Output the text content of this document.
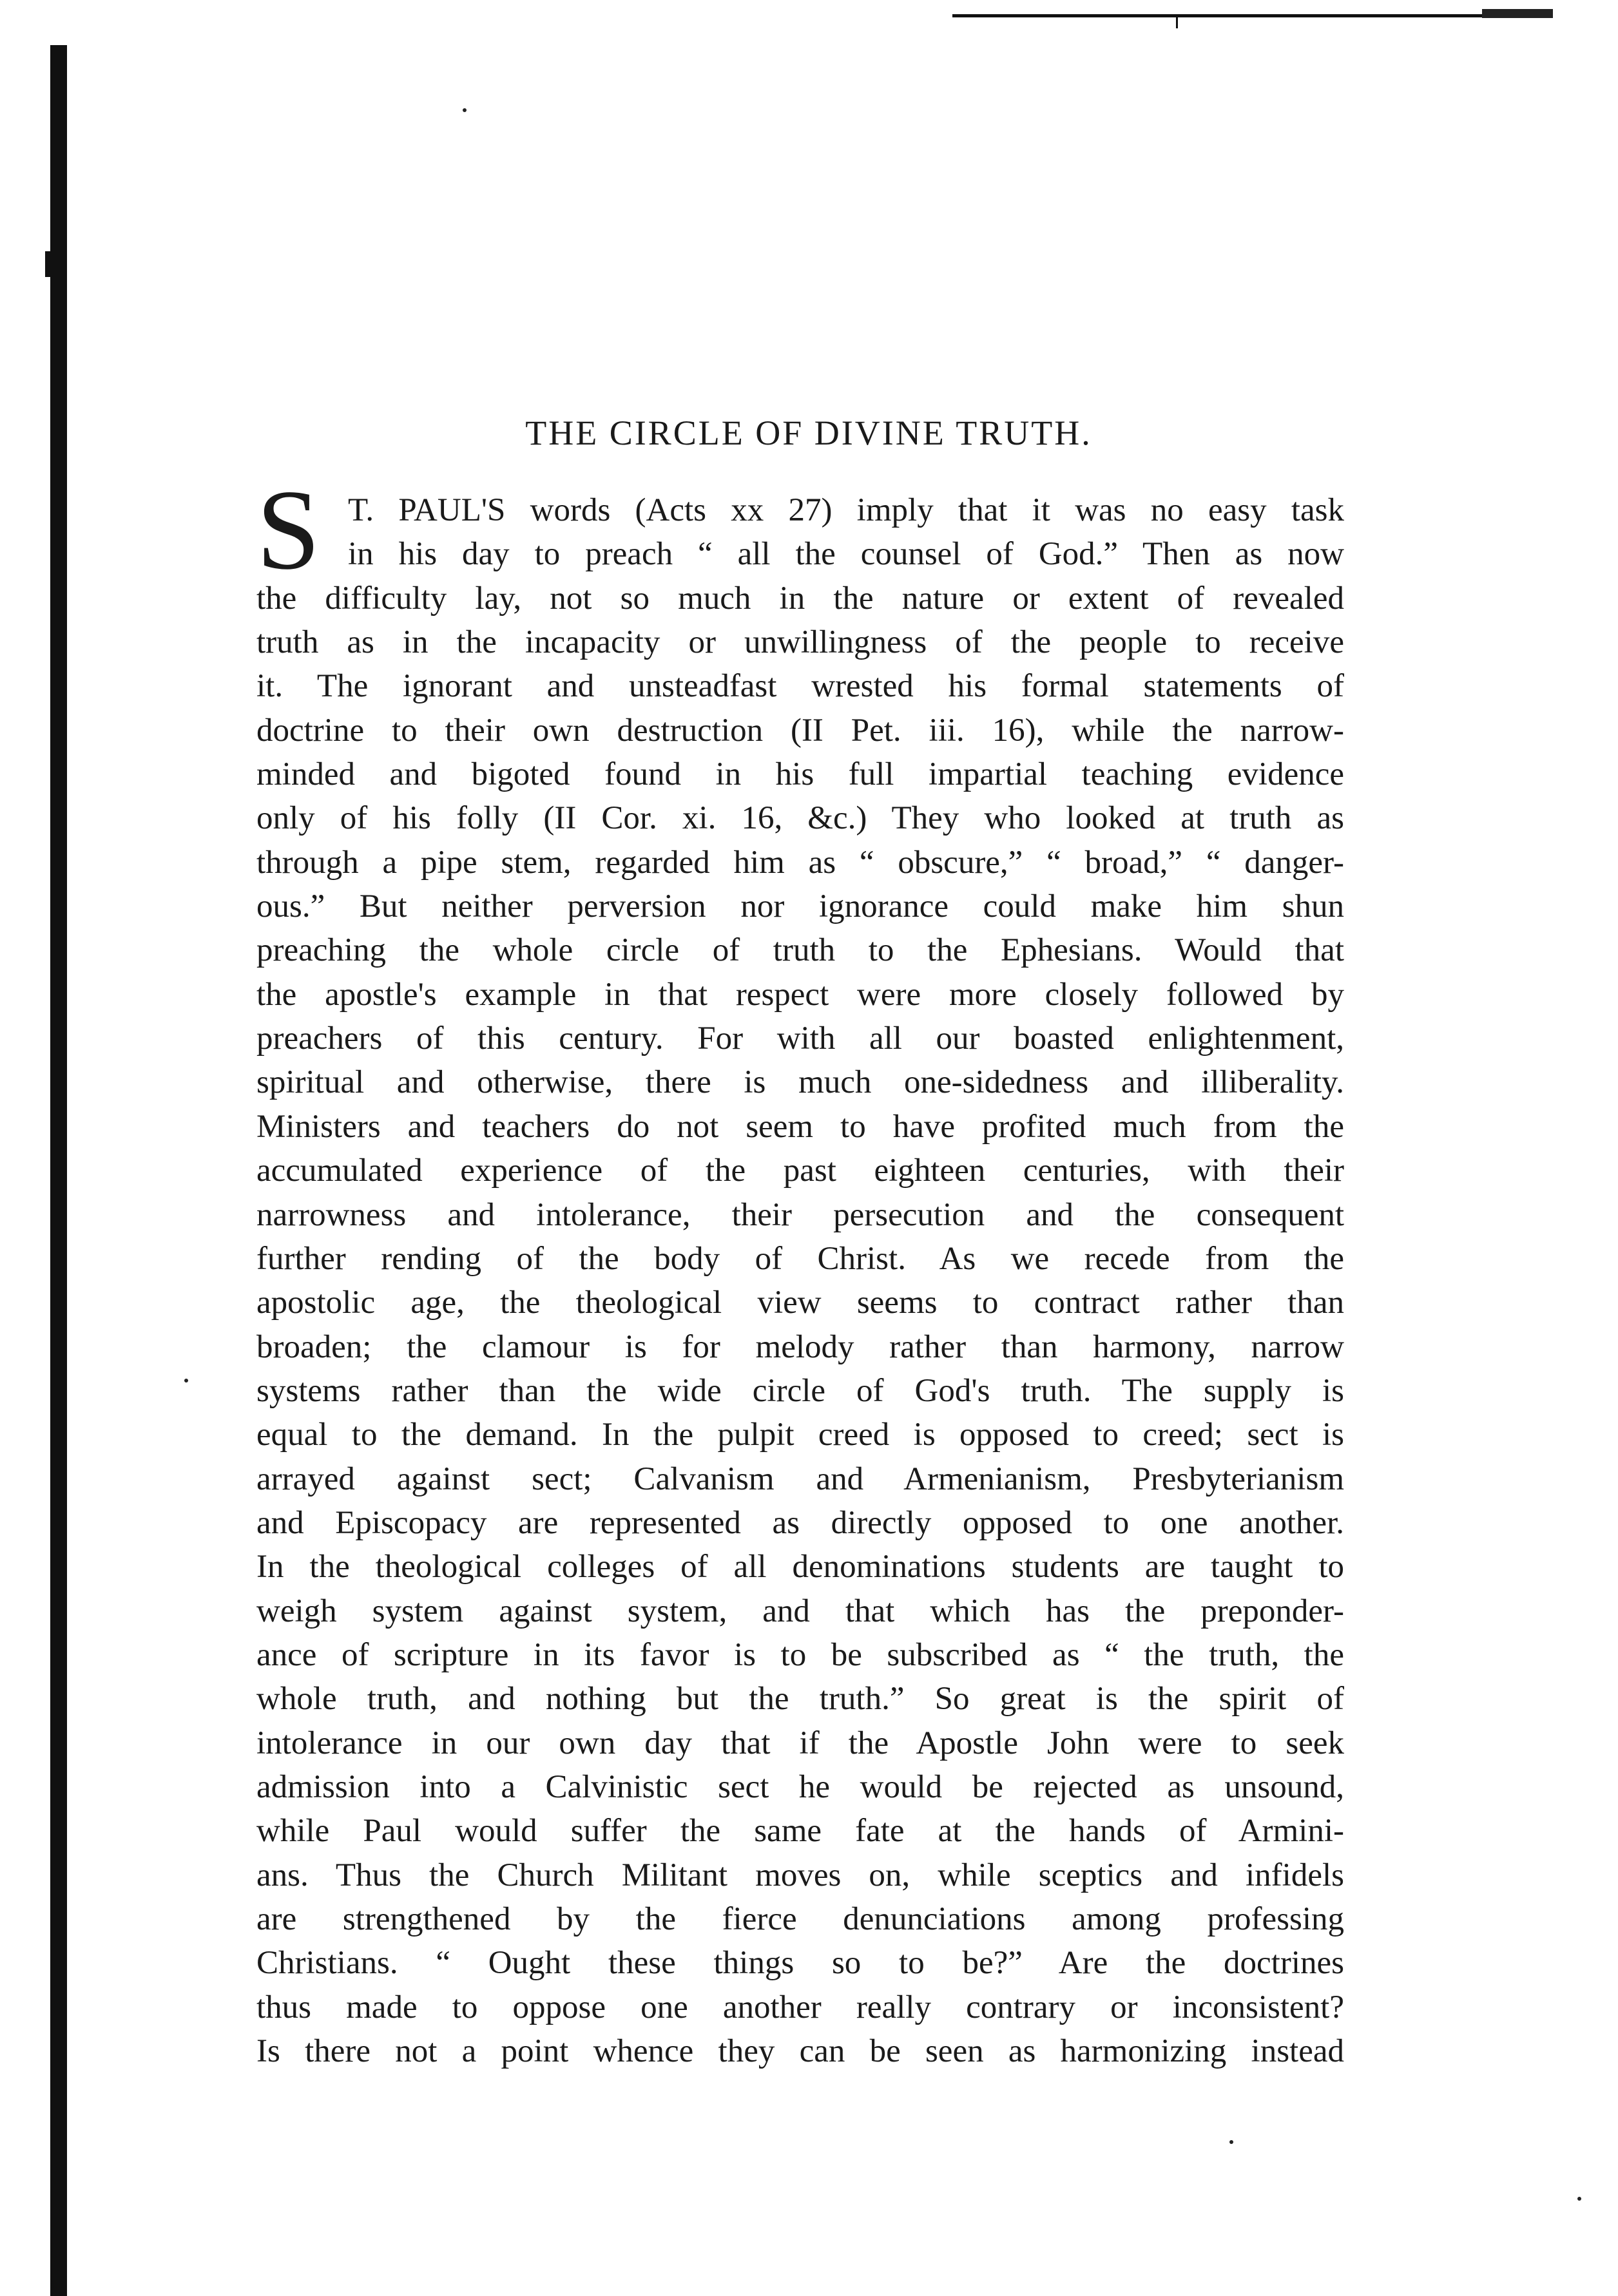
THE CIRCLE OF DIVINE TRUTH.
S T. PAUL'S words (Acts xx 27) imply that it was no easy task
in his day to preach “ all the counsel of God.” Then as now
the difficulty lay, not so much in the nature or extent of revealed
truth as in the incapacity or unwillingness of the people to receive
it. The ignorant and unsteadfast wrested his formal statements of
doctrine to their own destruction (II Pet. iii. 16), while the narrow-
minded and bigoted found in his full impartial teaching evidence
only of his folly (II Cor. xi. 16, &c.) They who looked at truth as
through a pipe stem, regarded him as “ obscure,” “ broad,” “ danger-
ous.” But neither perversion nor ignorance could make him shun
preaching the whole circle of truth to the Ephesians. Would that
the apostle's example in that respect were more closely followed by
preachers of this century. For with all our boasted enlightenment,
spiritual and otherwise, there is much one-sidedness and illiberality.
Ministers and teachers do not seem to have profited much from the
accumulated experience of the past eighteen centuries, with their
narrowness and intolerance, their persecution and the consequent
further rending of the body of Christ. As we recede from the
apostolic age, the theological view seems to contract rather than
broaden; the clamour is for melody rather than harmony, narrow
systems rather than the wide circle of God's truth. The supply is
equal to the demand. In the pulpit creed is opposed to creed; sect is
arrayed against sect; Calvanism and Armenianism, Presbyterianism
and Episcopacy are represented as directly opposed to one another.
In the theological colleges of all denominations students are taught to
weigh system against system, and that which has the preponder-
ance of scripture in its favor is to be subscribed as “ the truth, the
whole truth, and nothing but the truth.” So great is the spirit of
intolerance in our own day that if the Apostle John were to seek
admission into a Calvinistic sect he would be rejected as unsound,
while Paul would suffer the same fate at the hands of Armini-
ans. Thus the Church Militant moves on, while sceptics and infidels
are strengthened by the fierce denunciations among professing
Christians. “ Ought these things so to be?” Are the doctrines
thus made to oppose one another really contrary or inconsistent?
Is there not a point whence they can be seen as harmonizing instead
